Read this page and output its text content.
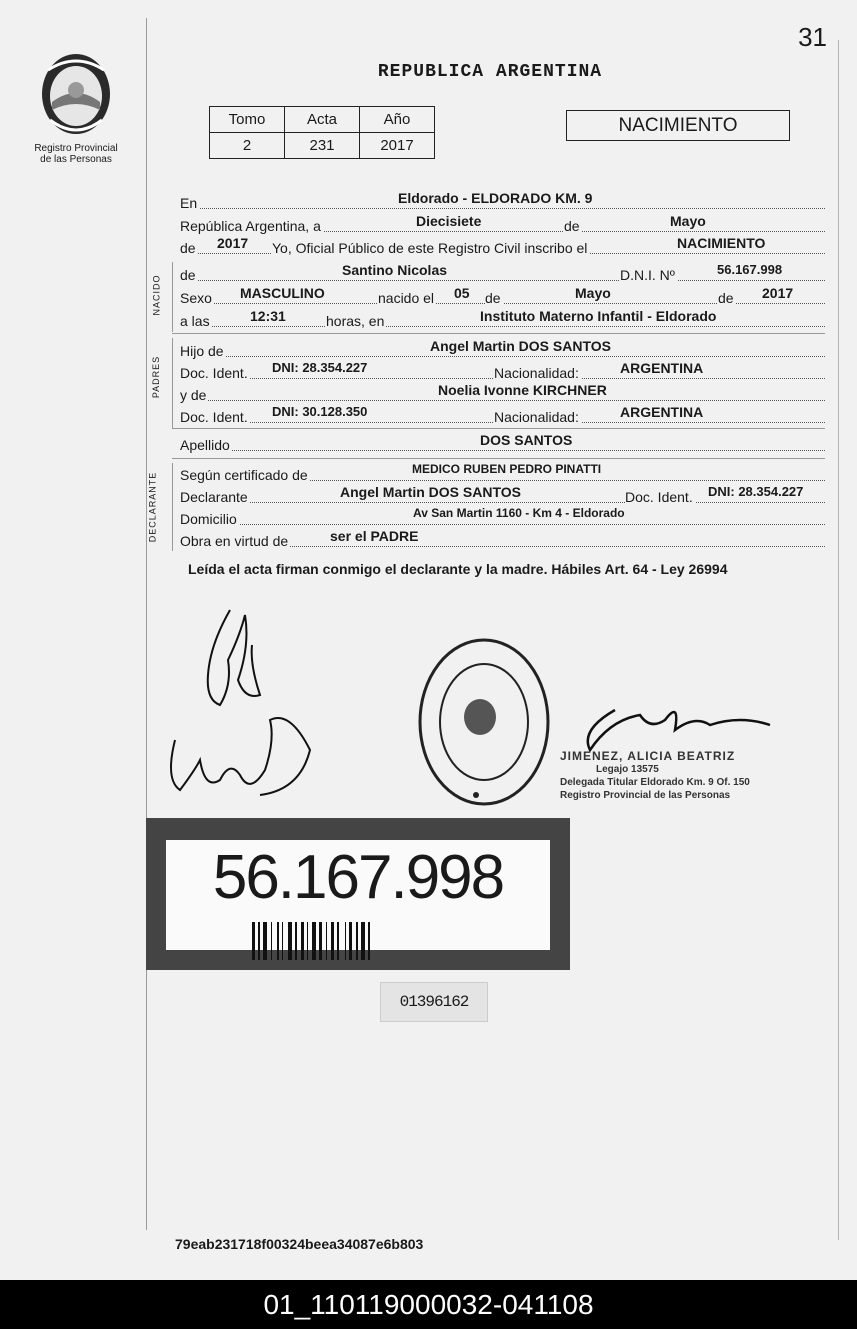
31
Registro Provincial
de las Personas
REPUBLICA ARGENTINA
Tomo	Acta	Año
2	231	2017
NACIMIENTO
En	Eldorado - ELDORADO KM. 9
República Argentina, a	Diecisiete	de	Mayo
de 2017 Yo, Oficial Público de este Registro Civil inscribo el	NACIMIENTO
NACIDO de	Santino Nicolas	D.N.I. Nº	56.167.998
Sexo MASCULINO	nacido el 05 de	Mayo	de 2017
a las	12:31	horas, en	Instituto Materno Infantil - Eldorado
PADRES
Hijo de	Angel Martin DOS SANTOS
Doc. Ident. DNI: 28.354.227	Nacionalidad:	ARGENTINA
y de	Noelia Ivonne KIRCHNER
Doc. Ident. DNI: 30.128.350	Nacionalidad:	ARGENTINA
Apellido	DOS SANTOS
DECLARANTE Según certificado de	MEDICO RUBEN PEDRO PINATTI
Declarante	Angel Martin DOS SANTOS	Doc. Ident. DNI: 28.354.227
Domicilio	Av San Martin 1160 - Km 4 - Eldorado
Obra en virtud de	ser el PADRE
Leída el acta firman conmigo el declarante y la madre. Hábiles Art. 64 - Ley 26994
JIMENEZ, ALICIA BEATRIZ
Legajo 13575
Delegada Titular Eldorado Km. 9 Of. 150
Registro Provincial de las Personas
56.167.998
01396162
79eab231718f00324beea34087e6b803
01_110119000032-041108
